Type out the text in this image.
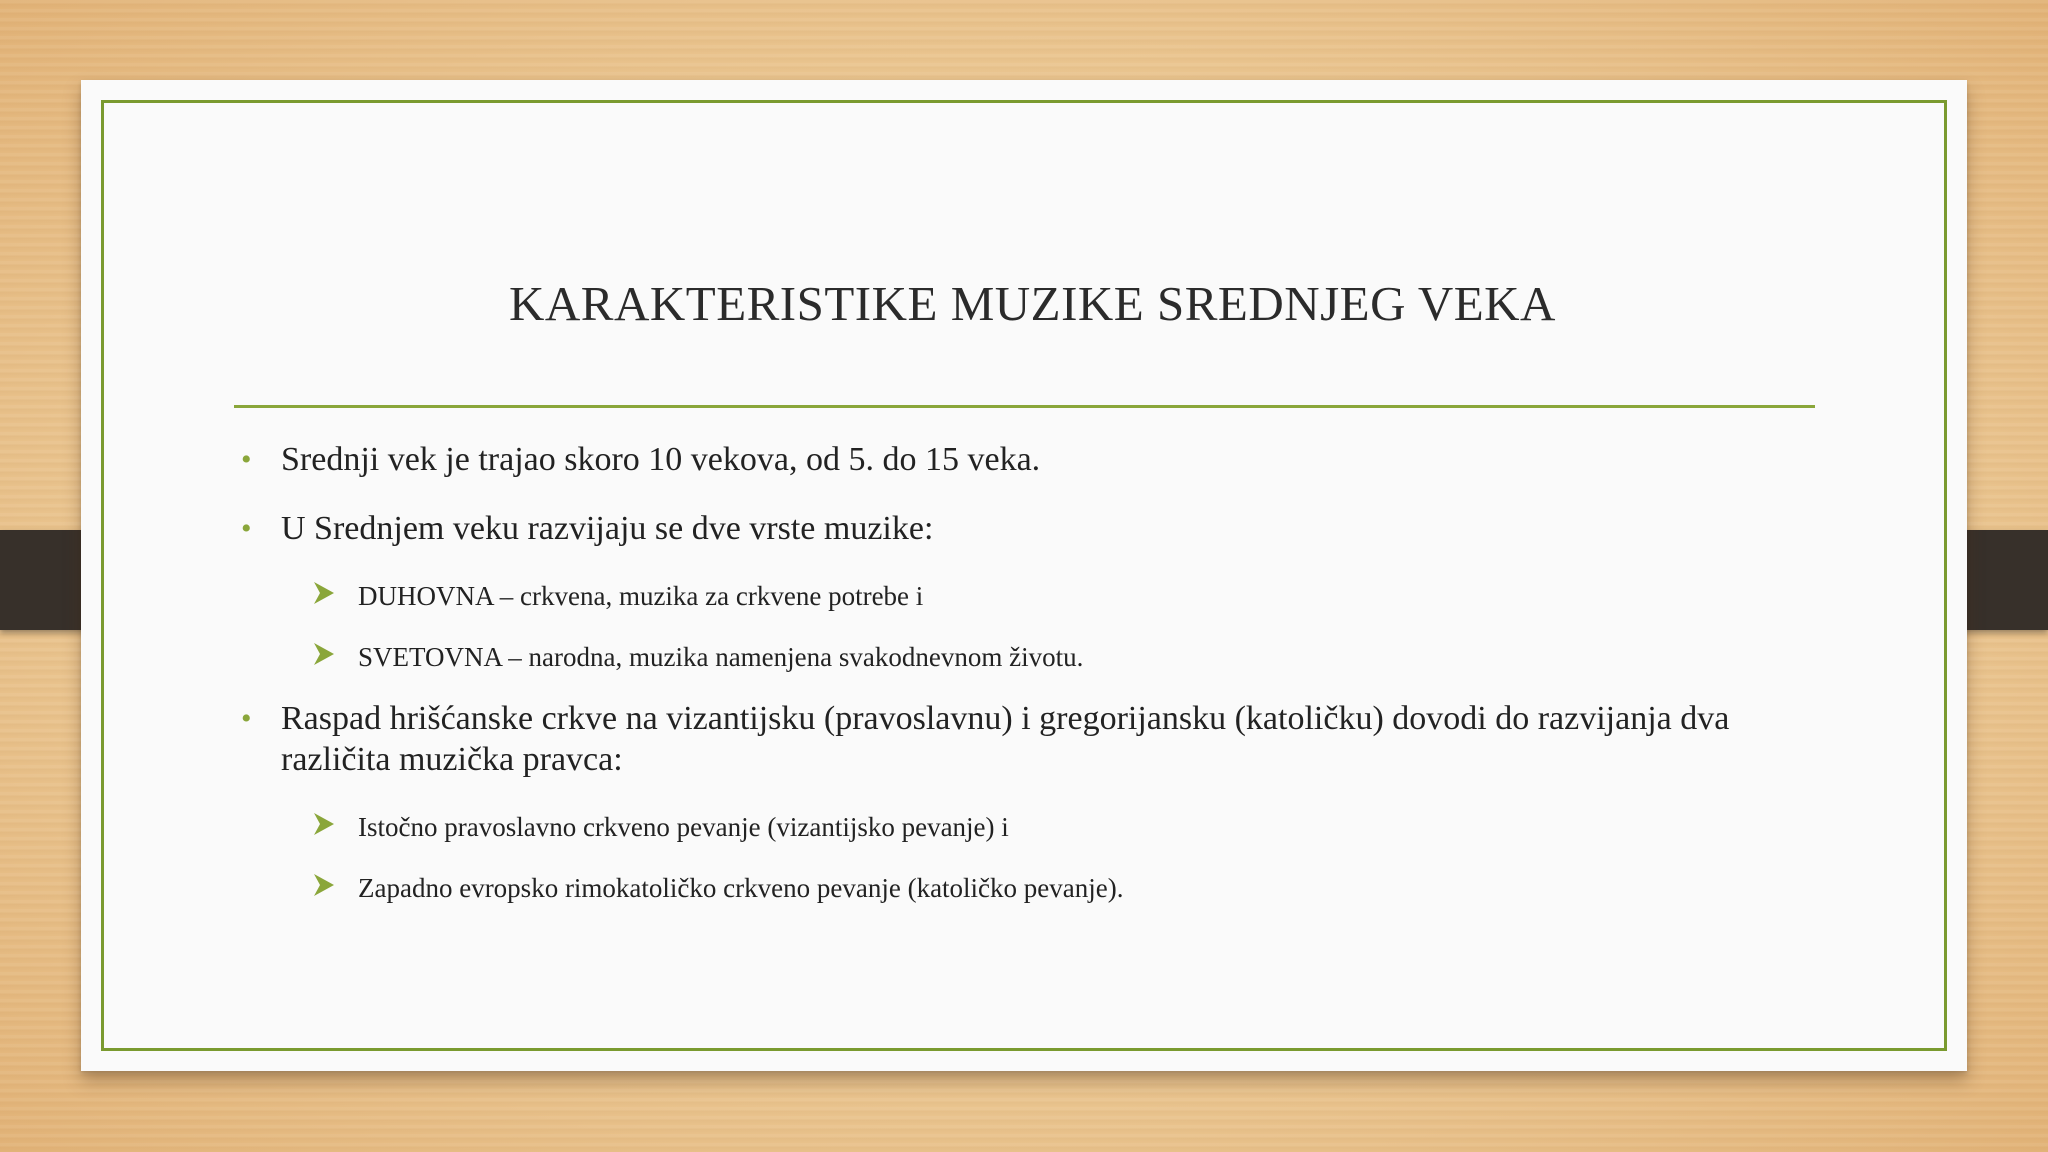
KARAKTERISTIKE MUZIKE SREDNJEG VEKA
• Srednji vek je trajao skoro 10 vekova, od 5. do 15 veka.
• U Srednjem veku razvijaju se dve vrste muzike:
DUHOVNA – crkvena, muzika za crkvene potrebe i
SVETOVNA – narodna, muzika namenjena svakodnevnom životu.
• Raspad hrišćanske crkve na vizantijsku (pravoslavnu) i gregorijansku (katoličku) dovodi do razvijanja dva različita muzička pravca:
Istočno pravoslavno crkveno pevanje (vizantijsko pevanje) i
Zapadno evropsko rimokatoličko crkveno pevanje (katoličko pevanje).
